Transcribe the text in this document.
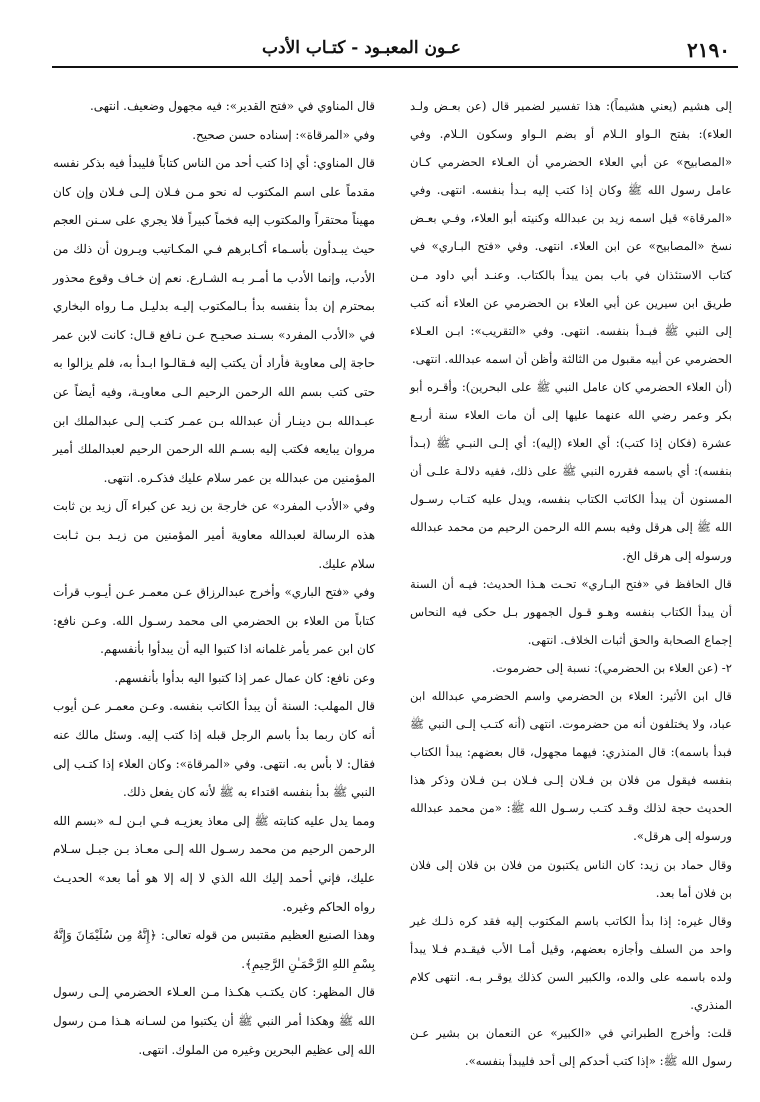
٢١٩٠
عـون المعبـود - كتـاب الأدب

إلى هشيم (يعني هشيماً): هذا تفسير لضمير قال (عن بعـض ولـد العلاء): بفتح الـواو الـلام أو بضم الـواو وسكون الـلام. وفي «المصابيح» عن أبي العلاء الحضرمي أن العـلاء الحضرمي كـان عامل رسول الله ﷺ وكان إذا كتب إليه بـدأ بنفسه. انتهى. وفي «المرقاة» قيل اسمه زيد بن عبدالله وكنيته أبو العلاء، وفـي بعـض نسخ «المصابيح» عن ابن العلاء. انتهى. وفي «فتح البـاري» في كتاب الاستئذان في باب بمن يبدأ بالكتاب. وعنـد أبي داود مـن طريق ابن سيرين عن أبي العلاء بن الحضرمي عن العلاء أنه كتب إلى النبي ﷺ فبـدأ بنفسه. انتهى. وفي «التقريب»: ابـن العـلاء الحضرمي عن أبيه مقبول من الثالثة وأظن أن اسمه عبدالله. انتهى.

(أن العلاء الحضرمي كان عامل النبي ﷺ على البحرين): وأقـره أبو بكر وعمر رضي الله عنهما عليها إلى أن مات العلاء سنة أربـع عشرة (فكان إذا كتب): أي العلاء (إليه): أي إلـى النبـي ﷺ (بـدأ بنفسه): أي باسمه فقرره النبي ﷺ على ذلك، ففيه دلالـة علـى أن المسنون أن يبدأ الكاتب الكتاب بنفسه، ويدل عليه كتـاب رسـول الله ﷺ إلى هرقل وفيه بسم الله الرحمن الرحيم من محمد عبدالله ورسوله إلى هرقل الخ.

قال الحافظ في «فتح البـاري» تحـت هـذا الحديث: فيـه أن السنة أن يبدأ الكتاب بنفسه وهـو قـول الجمهور بـل حكى فيه النحاس إجماع الصحابة والحق أثبات الخلاف. انتهى.

٢- (عن العلاء بن الحضرمي): نسبة إلى حضرموت.

قال ابن الأثير: العلاء بن الحضرمي واسم الحضرمي عبدالله ابن عباد، ولا يختلفون أنه من حضرموت. انتهى (أنه كتـب إلـى النبي ﷺ فبدأ باسمه): قال المنذري: فيهما مجهول، قال بعضهم: يبدأ الكتاب بنفسه فيقول من فلان بن فـلان إلـى فـلان بـن فـلان وذكر هذا الحديث حجة لذلك وقـد كتـب رسـول الله ﷺ: «من محمد عبدالله ورسوله إلى هرقل».

وقال حماد بن زيد: كان الناس يكتبون من فلان بن فلان إلى فلان بن فلان أما بعد.

وقال غيره: إذا بدأ الكاتب باسم المكتوب إليه فقد كره ذلـك غير واحد من السلف وأجازه بعضهم، وقيل أمـا الأب فيقـدم فـلا يبدأ ولده باسمه على والده، والكبير السن كذلك يوقـر بـه. انتهى كلام المنذري.

قلت: وأخرج الطبراني في «الكبير» عن النعمان بن بشير عـن رسول الله ﷺ: «إذا كتب أحدكم إلى أحد فليبدأ بنفسه».

قال المناوي في «فتح القدير»: فيه مجهول وضعيف. انتهى.

وفي «المرقاة»: إسناده حسن صحيح.

قال المناوي: أي إذا كتب أحد من الناس كتاباً فليبدأ فيه بذكر نفسه مقدماً على اسم المكتوب له نحو مـن فـلان إلـى فـلان وإن كان مهيناً محتقراً والمكتوب إليه فخماً كبيراً فلا يجري على سـنن العجم حيث يبـدأون بأسـماء أكـابرهم فـي المكـاتيب ويـرون أن ذلك من الأدب، وإنما الأدب ما أمـر بـه الشـارع. نعم إن خـاف وقوع محذور بمحترم إن بدأ بنفسه بدأ بـالمكتوب إليـه بدليـل مـا رواه البخاري في «الأدب المفرد» بسـند صحيـح عـن نـافع قـال: كانت لابن عمر حاجة إلى معاوية فأراد أن يكتب إليه فـقالـوا ابـدأ به، فلم يزالوا به حتى كتب بسم الله الرحمن الرحيم الـى معاويـة، وفيه أيضاً عن عبـدالله بـن دينـار أن عبدالله بـن عمـر كتـب إلـى عبدالملك ابن مروان يبايعه فكتب إليه بسـم الله الرحمن الرحيم لعبدالملك أمير المؤمنين من عبدالله بن عمر سلام عليك فذكـره. انتهى.

وفي «الأدب المفرد» عن خارجة بن زيد عن كبراء آل زيد بن ثابت هذه الرسالة لعبدالله معاوية أمير المؤمنين من زيـد بـن ثـابت سلام عليك.

وفي «فتح الباري» وأخرج عبدالرزاق عـن معمـر عـن أيـوب قرأت كتاباً من العلاء بن الحضرمي الى محمد رسـول الله. وعـن نافع: كان ابن عمر يأمر غلمانه اذا كتبوا اليه أن يبدأوا بأنفسهم.

وعن نافع: كان عمال عمر إذا كتبوا اليه بدأوا بأنفسهم.

قال المهلب: السنة أن يبدأ الكاتب بنفسه. وعـن معمـر عـن أيوب أنه كان ربما بدأ باسم الرجل قبله إذا كتب إليه. وسئل مالك عنه فقال: لا بأس به. انتهى. وفي «المرقاة»: وكان العلاء إذا كتـب إلى النبي ﷺ بدأ بنفسه اقتداء به ﷺ لأنه كان يفعل ذلك.

ومما يدل عليه كتابته ﷺ إلى معاذ يعزيـه فـي ابـن لـه «بسم الله الرحمن الرحيم من محمد رسـول الله إلـى معـاذ بـن جبـل سـلام عليك، فإني أحمد إليك الله الذي لا إله إلا هو أما بعد» الحديـث رواه الحاكم وغيره.

وهذا الصنيع العظيم مقتبس من قوله تعالى: ﴿إِنَّهُ مِن سُلَيْمَانَ وَإِنَّهُ بِسْمِ اللهِ الرَّحْمَـٰنِ الرَّحِيمِ﴾.

قال المظهر: كان يكتـب هكـذا مـن العـلاء الحضرمي إلـى رسول الله ﷺ وهكذا أمر النبي ﷺ أن يكتبوا من لسـانه هـذا مـن رسول الله إلى عظيم البحرين وغيره من الملوك. انتهى.
